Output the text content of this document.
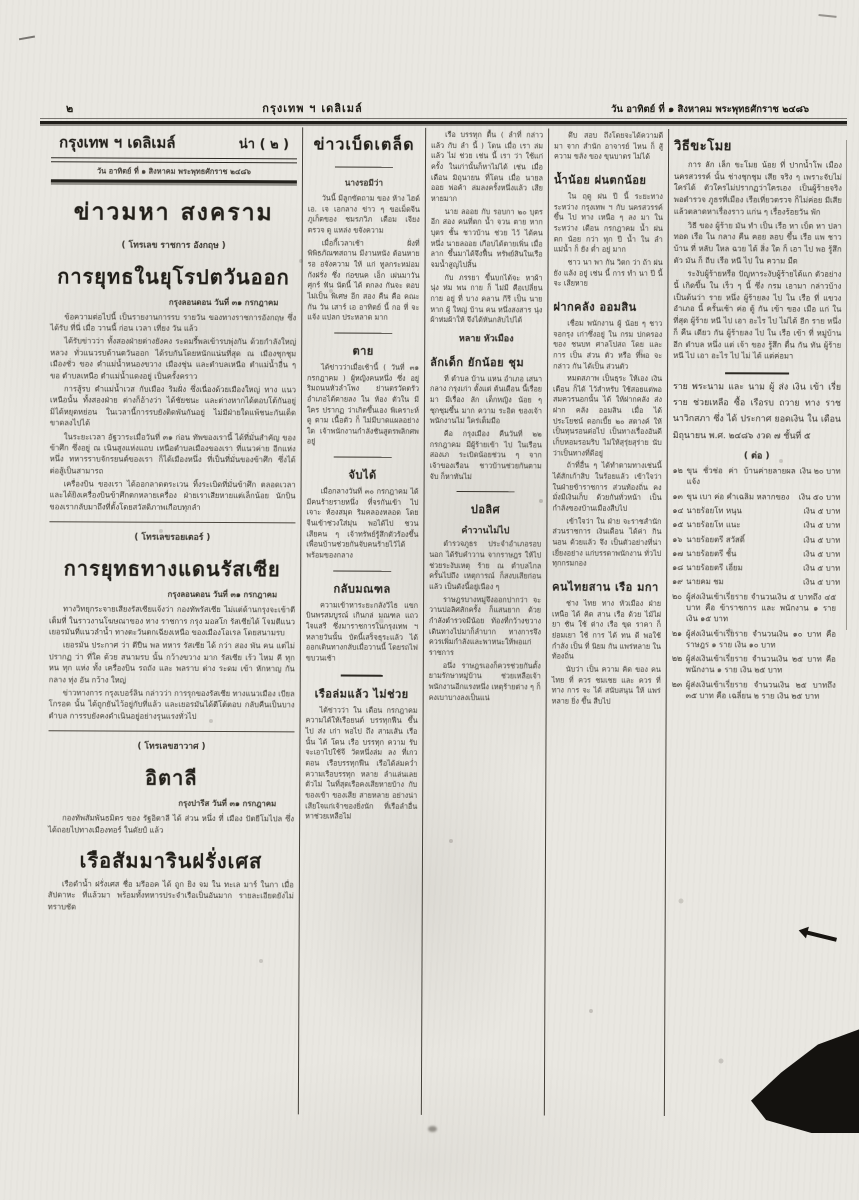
๒	กรุงเทพ ฯ เดลิเมล์	วัน อาทิตย์ ที่ ๑ สิงหาคม พระพุทธศักราช ๒๔๘๖
กรุงเทพ ฯ เดลิเมล์	น่า ( ๒ )
วัน อาทิตย์ ที่ ๑ สิงหาคม พระพุทธศักราช ๒๔๘๖
ข่าวมหา สงคราม
( โทรเลข ราชการ อังกฤษ )
การยุทธในยุโรปตวันออก
กรุงลอนดอน วันที่ ๓๑ กรกฎาคม

ข้อความต่อไปนี้ เป็นรายงานการรบ รายวัน ของทางราชการอังกฤษ ซึ่งได้รับ ที่นี่ เมื่อ วานนี้ ก่อน เวลา เที่ยง วัน แล้ว

ได้รับข่าวว่า ทั้งสองฝ่ายต่างยังคง ระดมรี้พลเข้ารบพุ่งกัน ด้วยกำลังใหญ่หลวง ทั่วแนวรบด้านตวันออก ได้รบกันโดยหนักแน่นที่สุด ณ เมืองชุกชุม เมืองชั่ว ของ ตำแม่น้ำหนองขวาง เมืองชุ่น และตำบลเหนือ ตำแม่น้ำอื่น ๆ ขอ ตำบลเหนือ ตำแม่น้ำแดงอยู่ เป็นครั้งคราว

การสู้รบ ตำแม่น้ำเวส กับเมือง ริมฝั่ง ซึ่งเนื่องด้วยเมืองใหญ่ ทาง แนวเหนือนั้น ทั้งสองฝ่าย ต่างก็อ้างว่า ได้ชัยชนะ และต่างหากได้ตอบโต้กันอยู่มิได้หยุดหย่อน ในเวลานี้การรบยังติดพันกันอยู่ ไม่มีฝ่ายใดแพ้ชนะกันเด็ดขาดลงไปได้

ในระยะเวลา อัฐวาระเมื่อวันที่ ๓๑ ก่อน ทัพของเรานี้ ได้ที่มั่นสำคัญ ของข้าศึก ซึ่งอยู่ ณ เนินสูงแห่งแถบ เหนือตำบลเมืองของเรา ที่แนวค่าย อีกแห่งหนึ่ง ทหารราบจักรยนต์ของเรา ก็ได้เมืองหนึ่ง ที่เป็นที่มั่นของข้าศึก ซึ่งได้ต่อสู้เป็นสามารถ

เครื่องบิน ของเรา ได้ออกลาดตระเวน ทิ้งระเบิดที่มั่นข้าศึก ตลอดเวลา และได้ยิงเครื่องบินข้าศึกตกหลายเครื่อง ฝ่ายเราเสียหายแต่เล็กน้อย นักบินของเรากลับมาถึงที่ตั้งโดยสวัสดิภาพเกือบทุกลำ

( โทรเลขรอยเตอร์ )
การยุทธทางแดนรัสเซีย
กรุงลอนดอน วันที่ ๓๑ กรกฎาคม

ทางวิทยุกระจายเสียงรัสเซียแจ้งว่า กองทัพรัสเซีย ไม่แต่ด้านกรุงจะเข้าตีเต็มที่ ในราวงานโฆษณาของ ทาง ราชการ กรุง มอสโก รัสเซียได้ โจมตีแนวเยอรมันที่แนวลำน้ำ ทางตะวันตกเฉียงเหนือ ของเมืองโอเรล โดยสนามรบ

เยอรมัน ประกาศ ว่า ตีปืน พล ทหาร รัสเซีย ได้ กว่า สอง พัน คน แต่ไม่ ปรากฏ ว่า ที่ใด ด้วย สนามรบ นั้น กว้างขวาง มาก รัสเซีย เร้ว ไหม คี ทุก หน ทุก แห่ง ทั้ง เครื่องบิน รถถัง และ พลราบ ต่าง ระดม เข้า หักหาญ กัน กลาง ทุ่ง อัน กว้าง ใหญ่

ข่าวทางการ กรุงเบอร์ลิน กล่าวว่า การรุกของรัสเซีย ทางแนวเมือง เบียลโกรอด นั้น ได้ถูกยันไว้อยู่กับที่แล้ว และเยอรมันได้ตีโต้ตอบ กลับคืนเป็นบางตำบล การรบยังคงดำเนินอยู่อย่างรุนแรงทั่วไป

( โทรเลขฮาวาศ )
อิตาลี
กรุงปารีส วันที่ ๓๑ กรกฎาคม

กองทัพสัมพันธมิตร ของ รัฐอิตาลี ได้ ส่วน หนึ่ง ที่ เมือง ปัตยีโมไปล ซึ่งได้ถอยไปทางเมืองทอร์ ในดัยป์ แล้ว

เรือสัมมารินฝรั่งเศส

เรือดำน้ำ ฝรั่งเศส ชื่อ มรีออค ได้ ถูก ยิง จม ใน ทะเล มาร์ ในกา เมื่อ สัปดาหะ ที่แล้วมา พร้อมทั้งทหารประจำเรือเป็นอันมาก รายละเอียดยังไม่ทราบชัด

ข่าวเบ็ดเตล็ด
นางรอมีว่า

วันนี้ มีลูกขัดถาม ของ ห้าง ไฮด์ เอ. เจ เอกลาง ข่าว ๆ ขอเม็ดจีนภูเก็ตของ ชมรภวิภ เดือม เจียง ตรวจ ดู แหล่ง ขจังความ

เมื่อกี้เวลาเช้า ฝั่งที่พิพิธภัณฑสถาน มีงานหนัง ต้อนหาย รอ อจังความ ให้ แก่ ทูลกระหม่อม กังฝรั่ง ซึ่ง ก่อขนค เอ็ก เผ่นมาวันศุกร์ ฟัน นัดนี้ ได้ ตกลง กันจะ ตอบ ไม่เป็น พิเศษ อีก สอง คืน คือ คณะ กัน วัน เสาร์ เอ อาทิตย์ นี้ กอ ที่ จะ แจ้ง แปลก ประหลาด มาก

ตาย

ได้ข่าวว่าเมื่อเช้านี้ ( วันที่ ๓๑ กรกฎาคม ) ผู้หญิงคนหนึ่ง ซึ่ง อยู่ ริมถนนหัวลำโพง ย่านตรวัดตรัว อำเภอได้ตายลง ใน ห้อง ตัวใน มีใคร ปรากฏ ว่าเกิดขึ้นเอง พิเคราะห์ ดู ตาม เนื้อตัว ก็ ไม่มีบาดแผลอย่างใด เจ้าพนักงานกำลังชันสูตรพลิกศพอยู่

จับได้

เมื่อกลางวันที่ ๓๐ กรกฎาคม ได้มีคนร้ายรายหนึ่ง ที่จรกันเข้า ไปเจาะ ห้องสมุด ริมคลองหลอด โดย จีนเข้าช่วงใส่มุ่น พอได้ไป ชวนเสียคน ๆ เจ้าทรัพย์รู้สึกตัวร้องขึ้น เพื่อนบ้านช่วยกันจับคนร้ายไว้ได้พร้อมของกลาง

กลับมณฑล

ความเข้าหาระยะกลังวิไธ แขกบินพรสมบูรณ์ เกินกล่ มณฑล แถว ใจแสรี ซึ่งมาราชการในกรุงเทพ ฯ หลายวันนั้น บัดนี้เสร็จธุระแล้ว ได้ออกเดินทางกลับเมื่อวานนี้ โดยรถไฟขบวนเช้า

เรือล่มแล้ว ไม่ช่วย

ได้ข่าวว่า ใน เดือน กรกฎาคม ความได้ให้เรือยนต์ บรรทุกฟืน ขึ้น ไป ส่ง เก่า พอไป ถึง สามเส้น เรือ นั้น ได้ โดน เรือ บรรทุก ความ รับ จะเอาไปใช้จี วัดหนึ่งล่ม ลง ที่เกว ตอน เรือบรรทุกฟืน เรือได้ล่มคว่ำ ความเรือบรรทุก หลาย ลำแล่นเลยตัวไม่ ในที่สุดเรือคงเสียหายบ้าง กับ ของเข้า ของเสีย สายหลาย อย่างน่า เสียใจแก่เจ้าของยิ่งนัก ที่เรือลำอื่นหาช่วยเหลือไม่

เรือ บรรทุก ตื้น ( ลำที่ กล่าว แล้ว กับ ลำ นี้ ) โดน เมื่อ เรา ล่ม แล้ว ไม่ ช่วย เช่น นี้ เรา ว่า ใช้แก่ครั้ง ในเก่านั้นก็หาไม่ได้ เช่น เมื่อเดือน มิถุนายน ที่โดน เมื่อ นายลออย พ่อค้า ล่มลงครั้งหนึ่งแล้ว เสีย หายมาก

นาย ลออย กับ รอบกา ๒๐ บุตร อีก สอง คนที่ตก น้ำ จวน ตาย หาก บุตร ชั้น ชาวบ้าน ช่วย ไว้ ได้คนหนึ่ง นายลออย เกือบได้ตายเพิ่น เมื่อลาก ขึ้นมาได้จึงฟื้น ทรัพย์สินในเรือจมน้ำสูญไปสิ้น

กับ ภรรยา ขึ้นบกได้จะ หาผ้า นุ่ง ห่ม พน กาย ก็ ไม่มี คือเปลี่ยนกาย อยู่ ที่ บาง คลาน กีรี เป็น นาย หาก ผู้ ใหญ่ บ้าน คน หนึ่งสงสาร นุ่งผ้าห่มผ้าให้ จึงได้หันกลับไปได้

หลาย หัวเมือง
ลักเด็ก ยักน้อย ชุม

ที่ ตำบล บ้าน แหน อำเภอ เสนา กลาง กรุงเก่า ตั้งแต่ ต้นเดือน นี้เรื่อยมา มีเรื่อง ลัก เด็กหญิง น้อย ๆ ชุกชุมขึ้น มาก ความ ระอิด ของเจ้า พนักงานไม่ ใคร่เต็มมือ

คือ กรุงเมือง คืนวันที่ ๒๒ กรกฎาคม มีผู้ร้ายเข้า ไป ในเรือนสองเภ ระเบิดน้อยช่วน ๆ จาก เจ้าของเรือน ชาวบ้านช่วยกันตามจับ ก็หาทันไม่

ปอลิศ
คำวานไม่ไป

ตำรวจภูธร ประจำอำเภอรอบนอก ได้รับคำวาน จากราษฎร ให้ไปช่วยระงับเหตุ ร้าย ณ ตำบลไกล ครั้นไปถึง เหตุการณ์ ก็สงบเสียก่อนแล้ว เป็นดังนี้อยู่เนือง ๆ

ราษฎรบางหมู่จึงออกปากว่า จะวานปอลิศสักครั้ง ก็แสนยาก ด้วยกำลังตำรวจมีน้อย ท้องที่กว้างขวาง เดินทางไปมาก็ลำบาก ทางการจึงควรเพิ่มกำลังและพาหนะให้พอแก่ราชการ

อนึ่ง ราษฎรเองก็ควรช่วยกันตั้งยามรักษาหมู่บ้าน ช่วยเหลือเจ้าพนักงานอีกแรงหนึ่ง เหตุร้ายต่าง ๆ ก็คงเบาบางลงเป็นแน่

ดึบ สอบ ถึงโดยจะได้ความดี มา จาก สำนัก อาจารย์ ไหน ก็ สู้ ความ ขลัง ของ ขุนบาตร ไม่ได้

น้ำน้อย ฝนตกน้อย

ใน ฤดู ฝน ปี นี้ ระยะทาง ระหว่าง กรุงเทพ ฯ กับ นครสวรรค์ ขึ้น ไป ทาง เหนือ ๆ ลง มา ใน ระหว่าง เดือน กรกฎาคม น้ำ ฝน ตก น้อย กว่า ทุก ปี น้ำ ใน ลำ แม่น้ำ ก็ ยัง ต่ำ อยู่ มาก

ชาว นา พา กัน วิตก ว่า ถ้า ฝน ยัง แล้ง อยู่ เช่น นี้ การ ทำ นา ปี นี้ จะ เสียหาย

ฝากคลัง ออมสิน

เชื่อม พนักงาน ผู้ น้อย ๆ ชาวจอกรุง เก่าซึ่งอยู่ ใน กรม ปกครอง ของ ชนบท ศาลโปสถ โดย และการ เป็น ส่วน ตัว หรือ ที่พอ จะกล่าว กัน ได้เป็น ส่วนตัว

หมดสภาพ เป็นธุระ ให้เอง เงินเดือน ก็ได้ ไว้สำหรับ ใช้สอยแต่พอ สมควรนอกนั้น ได้ ให้ฝากคลัง ส่ง ฝาก คลัง ออมสิน เมื่อ ได้ ประโยชน์ ดอกเบี้ย ๒๐ สตางค์ ให้เป็นทุนรอนต่อไป เป็นทางเรื่องอันดี เก็บหอมรอมริบ ไม่ให้สุรุ่ยสุร่าย นับว่าเป็นทางที่ดีอยู่

ถ้าที่อื่น ๆ ได้ทำตามทางเช่นนี้ ได้สักเก้าสิบ ในร้อยแล้ว เข้าใจว่า ในฝ่ายข้าราชการ ส่วนท้องถิ่น คงมั่งมีเงินเก็บ ด้วยกันทั่วหน้า เป็นกำลังของบ้านเมืองสืบไป

เข้าใจว่า ใน ฝ่าย จะราชสำนัก ส่วนราชการ เงินเดือน ได้ค่า กินนอน ด้วยแล้ว จึง เป็นตัวอย่างที่น่าเยี่ยงอย่าง แก่บรรดาพนักงาน ทั่วไป ทุกกรมกอง

คนไทยสาน เรือ มกา

ช่าง ไทย ทาง หัวเมือง ฝ่าย เหนือ ได้ คิด สาน เรือ ด้วย ไม้ไผ่ ยา ชัน ใช้ ต่าง เรือ ขุด ราคา ก็ ย่อมเยา ใช้ การ ได้ ทน ดี พอใช้ กำลัง เป็น ที่ นิยม กัน แพร่หลาย ใน ท้องถิ่น

นับว่า เป็น ความ คิด ของ คน ไทย ที่ ควร ชมเชย และ ควร ที่ ทาง การ จะ ได้ สนับสนุน ให้ แพร่หลาย ยิ่ง ขึ้น สืบไป

วิธีขะโมย

การ ลัก เล็ก ขะโมย น้อย ที่ ปากน้ำโพ เมือง นครสวรรค์ นั้น ช่างชุกชุม เสีย จริง ๆ เพราะจับไม่ใคร่ได้ ตัวใครไม่ปรากฏว่าใครเอง เป็นผู้ร้ายจริง พอตำรวจ ภูธรที่เมือง เรือเที่ยวตรวจ ก็ไม่ค่อย มีเสีย แล้วตลาดหาเรื่องราว แก่น ๆ เรื่องร้อยวัน พัก

วิธี ของ ผู้ร้าย มัน ทำ เป็น เรือ หา เบ็ด หา ปลา ทอด เรือ ใน กลาง คืน คอย ลอบ ขึ้น เรือ แพ ชาว บ้าน ที่ หลับ ใหล ฉวย ได้ สิ่ง ใด ก็ เอา ไป พอ รู้สึก ตัว มัน ก็ ถีบ เรือ หนี ไป ใน ความ มืด

ระงับผู้ร้ายหรือ ปัญหาระงับผู้ร้ายได้แก ตัวอย่าง นี้ เกิดขึ้น ใน เร็ว ๆ นี้ ซึ่ง กรม เอามา กล่าวบ้าง เป็นต้นว่า ราย หนึ่ง ผู้ร้ายลง ไป ใน เรือ ที่ แขวง อำเภอ นี้ ครั้นเช้า ค่อ ตู้ กัน เข้า ของ เมือ แก่ ใน ที่สุด ผู้ร้าย หนี ไป เอา อะไร ไป ไม่ได้ อีก ราย หนึ่ง ก็ คืน เดียว กัน ผู้ร้ายลง ไป ใน เรือ เข้า ที่ หมู่บ้าน อีก ตำบล หนึ่ง แต่ เจ้า ของ รู้สึก ตื่น กัน ทัน ผู้ร้าย หนี ไป เอา อะไร ไป ไม่ ได้ แต่ค่อมา

ราย พระนาม และ นาม ผู้ ส่ง เงิน เข้า เรี่ยราย ช่วยเหลือ ซื้อ เรือรบ ถวาย ทาง ราชนาวิกสภา ซึ่ง ได้ ประกาศ ยอดเงิน ใน เดือน มิถุนายน พ.ศ. ๒๔๘๖ งวด ๗ ชั้นที่ ๕
( ต่อ )
๑๒ ขุน ชั่วช่อ ค่า บ้านค่ายลายผล แจ้ง
เงิน ๒๐ บาท
๑๓ ขุน เบา ค่อ คำเฉลิม หลากของ	เงิน ๕๐ บาท
๑๔ นายร้อยโท หนุน	เงิน ๕ บาท
๑๕ นายร้อยโท แนะ	เงิน ๕ บาท
๑๖ นายร้อยตรี สวัสดิ์	เงิน ๕ บาท
๑๗ นายร้อยตรี ชั้น	เงิน ๕ บาท
๑๘ นายร้อยตรี เอี่ยม	เงิน ๕ บาท
๑๙ นายคม ชม	เงิน ๕ บาท
๒๐ ผู้ส่งเงินเข้าเรี่ยราย จำนวนเงิน ๕ บาทถึง ๔๕ บาท คือ ข้าราชการ และ พนักงาน ๑ ราย เงิน ๑๕ บาท
๒๑ ผู้ส่งเงินเข้าเรี่ยราย จำนวนเงิน ๑๐ บาท คือ ราษฎร ๑ ราย เงิน ๑๐ บาท
๒๒ ผู้ส่งเงินเข้าเรี่ยราย จำนวนเงิน ๒๕ บาท คือ พนักงาน ๑ ราย เงิน ๒๕ บาท
๒๓ ผู้ส่งเงินเข้าเรี่ยราย จำนวนเงิน ๒๕ บาทถึง ๓๕ บาท คือ เฉลี่ยน ๒ ราย เงิน ๒๕ บาท
